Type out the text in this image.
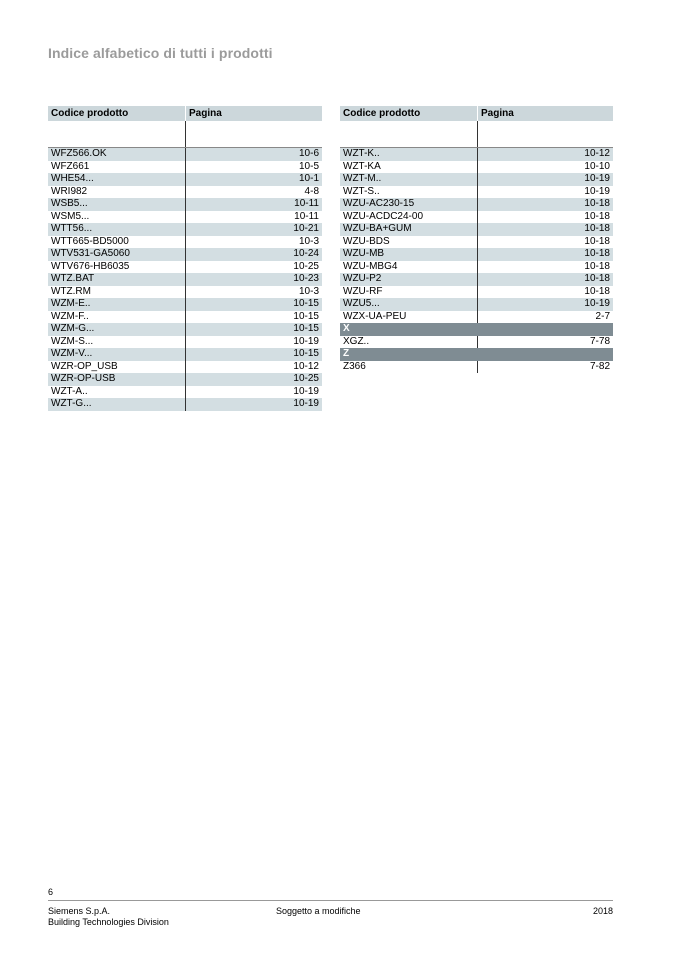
Indice alfabetico di tutti i prodotti
Codice prodotto	Pagina
WFZ566.OK	10-6
WFZ661	10-5
WHE54...	10-1
WRI982	4-8
WSB5...	10-11
WSM5...	10-11
WTT56...	10-21
WTT665-BD5000	10-3
WTV531-GA5060	10-24
WTV676-HB6035	10-25
WTZ.BAT	10-23
WTZ.RM	10-3
WZM-E..	10-15
WZM-F..	10-15
WZM-G...	10-15
WZM-S...	10-19
WZM-V...	10-15
WZR-OP_USB	10-12
WZR-OP-USB	10-25
WZT-A..	10-19
WZT-G...	10-19
Codice prodotto	Pagina
WZT-K..	10-12
WZT-KA	10-10
WZT-M..	10-19
WZT-S..	10-19
WZU-AC230-15	10-18
WZU-ACDC24-00	10-18
WZU-BA+GUM	10-18
WZU-BDS	10-18
WZU-MB	10-18
WZU-MBG4	10-18
WZU-P2	10-18
WZU-RF	10-18
WZU5...	10-19
WZX-UA-PEU	2-7
X
XGZ..	7-78
Z
Z366	7-82
6
Siemens S.p.A.
Building Technologies Division
Soggetto a modifiche	2018
